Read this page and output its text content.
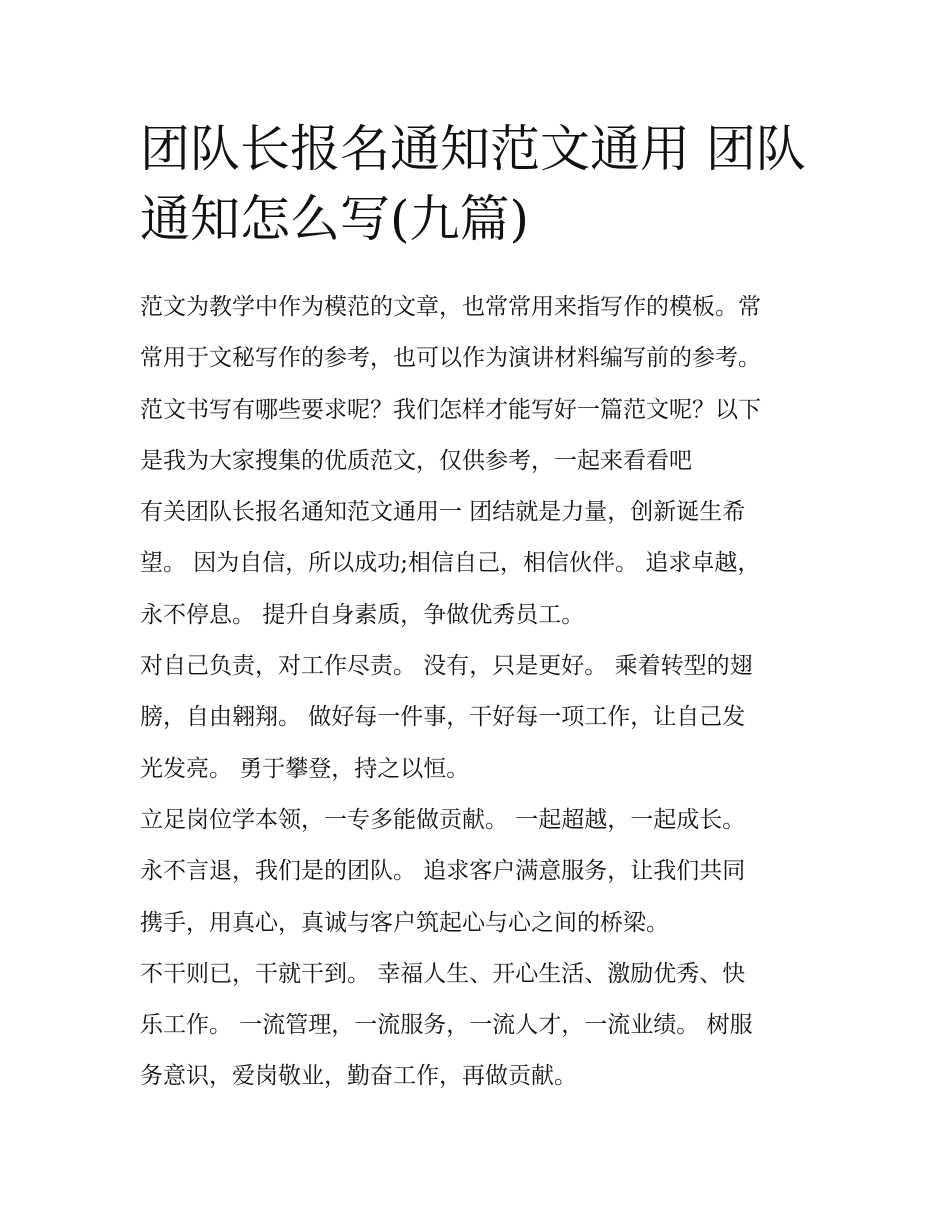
团队长报名通知范文通用 团队
通知怎么写(九篇)

范文为教学中作为模范的文章，也常常用来指写作的模板。常
常用于文秘写作的参考，也可以作为演讲材料编写前的参考。
范文书写有哪些要求呢？我们怎样才能写好一篇范文呢？以下
是我为大家搜集的优质范文，仅供参考，一起来看看吧

有关团队长报名通知范文通用一 团结就是力量，创新诞生希
望。 因为自信，所以成功;相信自己，相信伙伴。 追求卓越，
永不停息。 提升自身素质，争做优秀员工。

对自己负责，对工作尽责。 没有，只是更好。 乘着转型的翅
膀，自由翱翔。 做好每一件事，干好每一项工作，让自己发
光发亮。 勇于攀登，持之以恒。

立足岗位学本领，一专多能做贡献。 一起超越，一起成长。
永不言退，我们是的团队。 追求客户满意服务，让我们共同
携手，用真心，真诚与客户筑起心与心之间的桥梁。

不干则已，干就干到。 幸福人生、开心生活、激励优秀、快
乐工作。 一流管理，一流服务，一流人才，一流业绩。 树服
务意识，爱岗敬业，勤奋工作，再做贡献。
